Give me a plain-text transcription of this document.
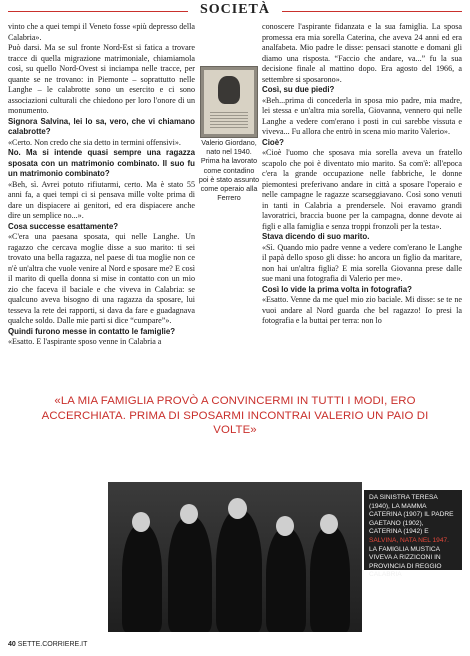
SOCIETÀ

vinto che a quei tempi il Veneto fosse «più depresso della Calabria».

Può darsi. Ma se sul fronte Nord-Est si fatica a trovare tracce di quella migrazione matrimoniale, chiamiamola così, su quello Nord-Ovest si inciampa nelle tracce, per quante se ne trovano: in Piemonte – soprattutto nelle Langhe – le calabrotte sono un esercito e ci sono associazioni culturali che chiedono per loro l'onore di un monumento.

Signora Salvina, lei lo sa, vero, che vi chiamano calabrotte?

«Certo. Non credo che sia detto in termini offensivi».

No. Ma si intende quasi sempre una ragazza sposata con un matrimonio combinato. Il suo fu un matrimonio combinato?

«Beh, sì. Avrei potuto rifiutarmi, certo. Ma è stato 55 anni fa, a quei tempi ci si pensava mille volte prima di dare un dispiacere ai genitori, ed era dispiacere anche dire un semplice no...».

Cosa successe esattamente?

«C'era una paesana sposata, qui nelle Langhe. Un ragazzo che cercava moglie disse a suo marito: ti sei trovato una bella ragazza, nel paese di tua moglie non ce n'è un'altra che vuole venire al Nord e sposare me? E così il marito di quella donna si mise in contatto con un mio zio che faceva il baciale e che viveva in Calabria: se qualcuno aveva bisogno di una ragazza da sposare, lui tesseva la rete dei rapporti, si dava da fare e guadagnava qualche soldo. Dalle mie parti si dice “cumpare”».

Quindi furono messe in contatto le famiglie?

«Esatto. E l'aspirante sposo venne in Calabria a

Valerio Giordano, nato nel 1940. Prima ha lavorato come contadino poi è stato assunto come operaio alla Ferrero

conoscere l'aspirante fidanzata e la sua famiglia. La sposa promessa era mia sorella Caterina, che aveva 24 anni ed era analfabeta. Mio padre le disse: pensaci stanotte e domani gli diamo una risposta. “Faccio che andare, va...” fu la sua decisione finale al mattino dopo. Era agosto del 1966, a settembre si sposarono».

Così, su due piedi?

«Beh...prima di concederla in sposa mio padre, mia madre, lei stessa e un'altra mia sorella, Giovanna, vennero qui nelle Langhe a vedere com'erano i posti in cui sarebbe vissuta e viveva... Fu allora che entrò in scena mio marito Valerio».

Cioè?

«Cioè l'uomo che sposava mia sorella aveva un fratello scapolo che poi è diventato mio marito. Sa com'è: all'epoca c'era la grande occupazione nelle fabbriche, le donne piemontesi preferivano andare in città a sposare l'operaio e nelle campagne le ragazze scarseggiavano. Così sono venuti in tanti in Calabria a prendersele. Noi eravamo grandi lavoratrici, braccia buone per la campagna, donne devote ai figli e alla famiglia e senza troppi fronzoli per la testa».

Stava dicendo di suo marito.

«Sì. Quando mio padre venne a vedere com'erano le Langhe il papà dello sposo gli disse: ho ancora un figlio da maritare, non hai un'altra figlia? E mia sorella Giovanna prese dalle sue mani una fotografia di Valerio per me».

Così lo vide la prima volta in fotografia?

«Esatto. Venne da me quel mio zio baciale. Mi disse: se te ne vuoi andare al Nord guarda che bel ragazzo! Io presi la fotografia e la buttai per terra: non lo

«LA MIA FAMIGLIA PROVÒ A CONVINCERMI IN TUTTI I MODI, ERO ACCERCHIATA. PRIMA DI SPOSARMI INCONTRAI VALERIO UN PAIO DI VOLTE»
DA SINISTRA TERESA (1940), LA MAMMA CATERINA (1907) IL PADRE GAETANO (1902), CATERINA (1942) E SALVINA, NATA NEL 1947. LA FAMIGLIA MUSTICA VIVEVA A RIZZICONI IN PROVINCIA DI REGGIO CALABRIA
40 SETTE.CORRIERE.IT
